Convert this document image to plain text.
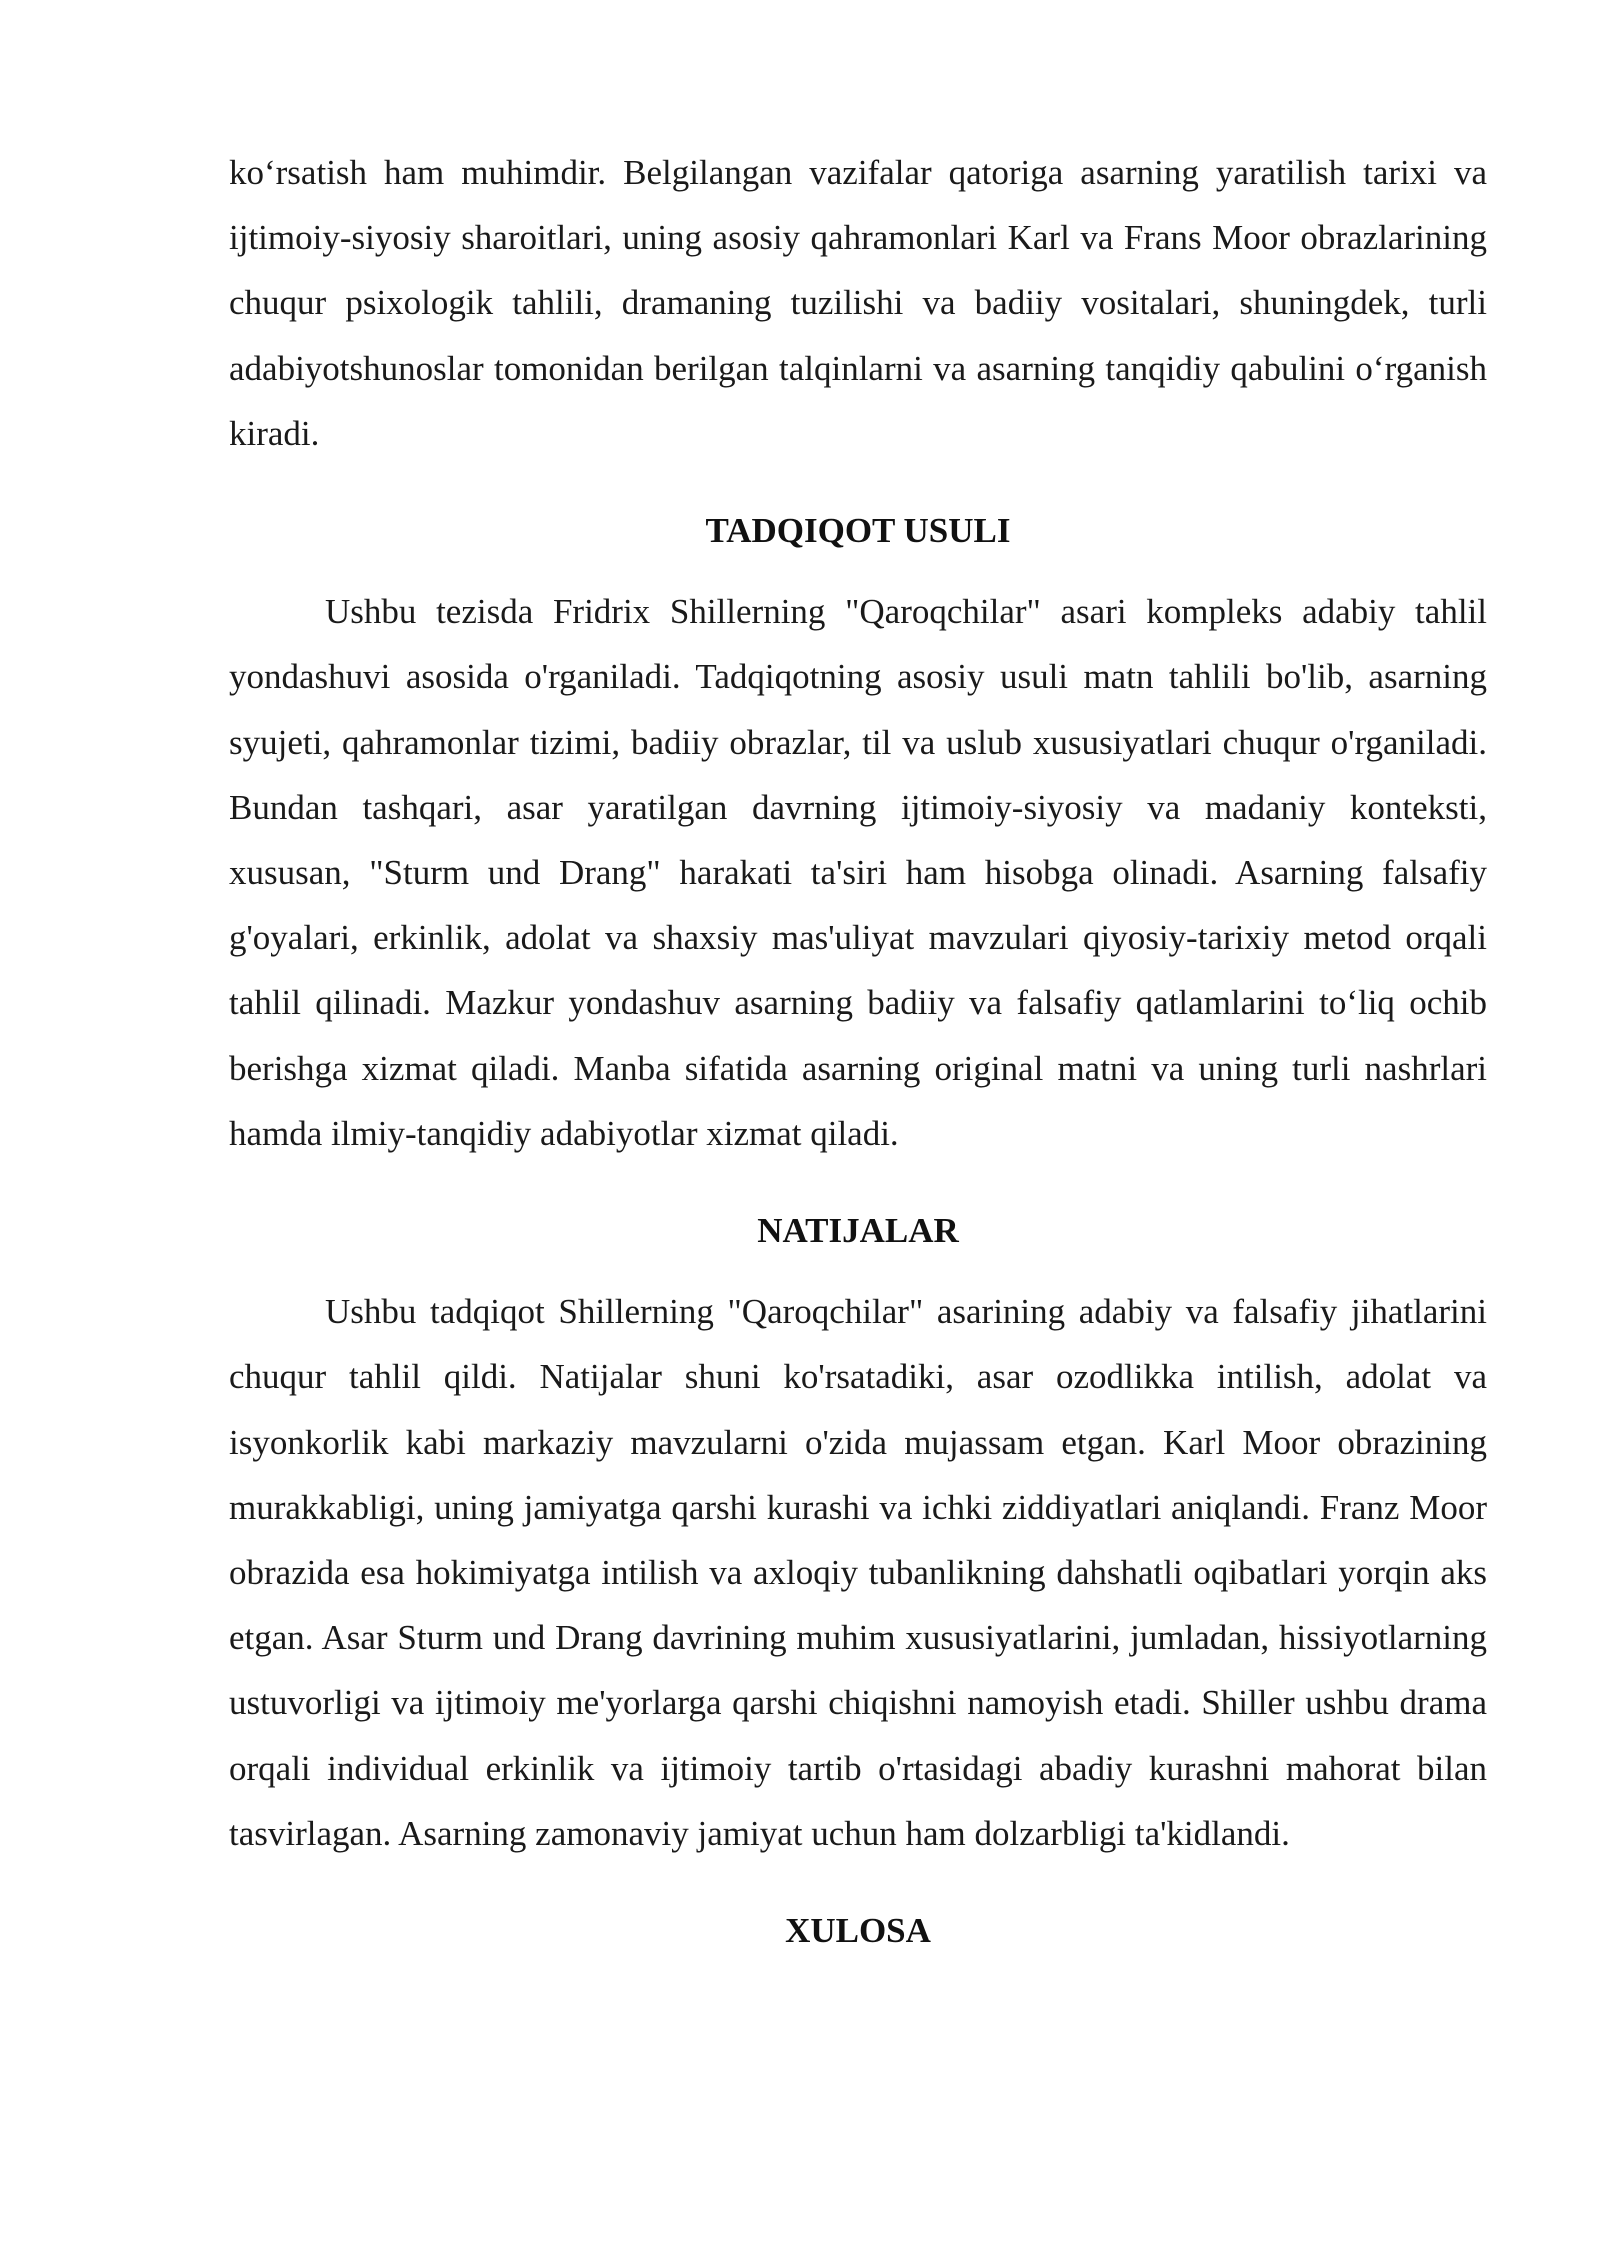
koʻrsatish ham muhimdir. Belgilangan vazifalar qatoriga asarning yaratilish tarixi va ijtimoiy-siyosiy sharoitlari, uning asosiy qahramonlari Karl va Frans Moor obrazlarining chuqur psixologik tahlili, dramaning tuzilishi va badiiy vositalari, shuningdek, turli adabiyotshunoslar tomonidan berilgan talqinlarni va asarning tanqidiy qabulini oʻrganish kiradi.

TADQIQOT USULI

Ushbu tezisda Fridrix Shillerning "Qaroqchilar" asari kompleks adabiy tahlil yondashuvi asosida o'rganiladi. Tadqiqotning asosiy usuli matn tahlili bo'lib, asarning syujeti, qahramonlar tizimi, badiiy obrazlar, til va uslub xususiyatlari chuqur o'rganiladi. Bundan tashqari, asar yaratilgan davrning ijtimoiy-siyosiy va madaniy konteksti, xususan, "Sturm und Drang" harakati ta'siri ham hisobga olinadi. Asarning falsafiy g'oyalari, erkinlik, adolat va shaxsiy mas'uliyat mavzulari qiyosiy-tarixiy metod orqali tahlil qilinadi. Mazkur yondashuv asarning badiiy va falsafiy qatlamlarini toʻliq ochib berishga xizmat qiladi. Manba sifatida asarning original matni va uning turli nashrlari hamda ilmiy-tanqidiy adabiyotlar xizmat qiladi.

NATIJALAR

Ushbu tadqiqot Shillerning "Qaroqchilar" asarining adabiy va falsafiy jihatlarini chuqur tahlil qildi. Natijalar shuni ko'rsatadiki, asar ozodlikka intilish, adolat va isyonkorlik kabi markaziy mavzularni o'zida mujassam etgan. Karl Moor obrazining murakkabligi, uning jamiyatga qarshi kurashi va ichki ziddiyatlari aniqlandi. Franz Moor obrazida esa hokimiyatga intilish va axloqiy tubanlikning dahshatli oqibatlari yorqin aks etgan. Asar Sturm und Drang davrining muhim xususiyatlarini, jumladan, hissiyotlarning ustuvorligi va ijtimoiy me'yorlarga qarshi chiqishni namoyish etadi. Shiller ushbu drama orqali individual erkinlik va ijtimoiy tartib o'rtasidagi abadiy kurashni mahorat bilan tasvirlagan. Asarning zamonaviy jamiyat uchun ham dolzarbligi ta'kidlandi.

XULOSA
